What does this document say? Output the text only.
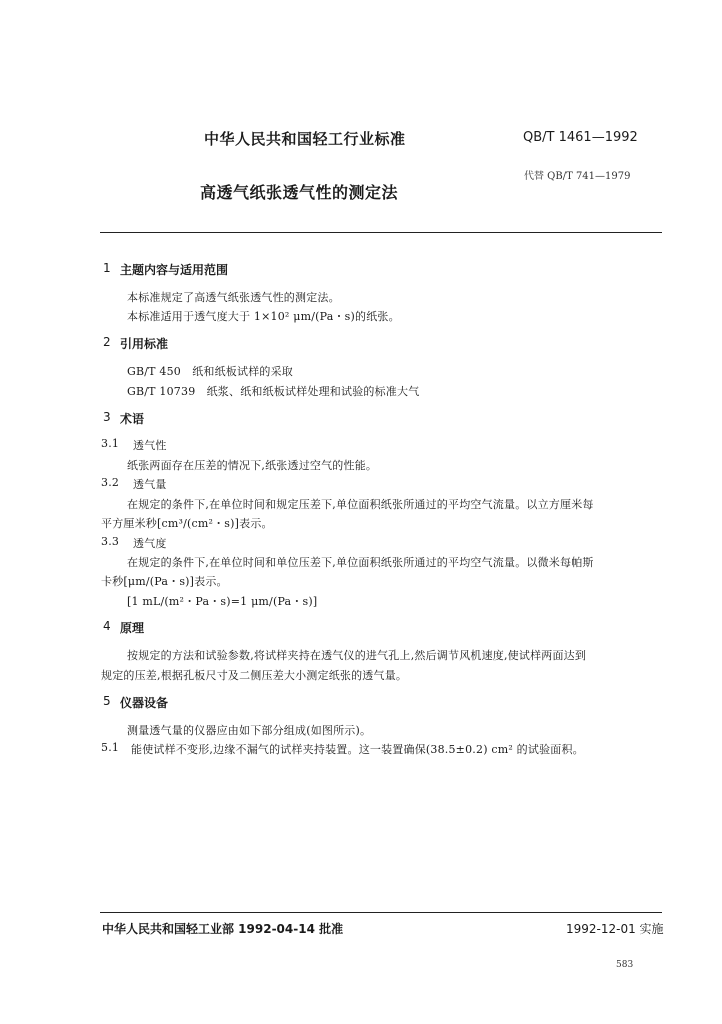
中华人民共和国轻工行业标准	QB/T 1461—1992
代替 QB/T 741—1979
高透气纸张透气性的测定法
1 主题内容与适用范围
本标准规定了高透气纸张透气性的测定法。
本标准适用于透气度大于 1×10² μm/(Pa・s)的纸张。
2 引用标准
GB/T 450　纸和纸板试样的采取
GB/T 10739　纸浆、纸和纸板试样处理和试验的标准大气
3 术语
3.1 透气性
纸张两面存在压差的情况下,纸张透过空气的性能。
3.2 透气量
在规定的条件下,在单位时间和规定压差下,单位面积纸张所通过的平均空气流量。以立方厘米每
平方厘米秒[cm³/(cm²・s)]表示。
3.3 透气度
在规定的条件下,在单位时间和单位压差下,单位面积纸张所通过的平均空气流量。以微米每帕斯
卡秒[μm/(Pa・s)]表示。
[1 mL/(m²・Pa・s)=1 μm/(Pa・s)]
4 原理
按规定的方法和试验参数,将试样夹持在透气仪的进气孔上,然后调节风机速度,使试样两面达到
规定的压差,根据孔板尺寸及二侧压差大小测定纸张的透气量。
5 仪器设备
测量透气量的仪器应由如下部分组成(如图所示)。
5.1 能使试样不变形,边缘不漏气的试样夹持装置。这一装置确保(38.5±0.2) cm² 的试验面积。
中华人民共和国轻工业部 1992-04-14 批准	1992-12-01 实施
583
